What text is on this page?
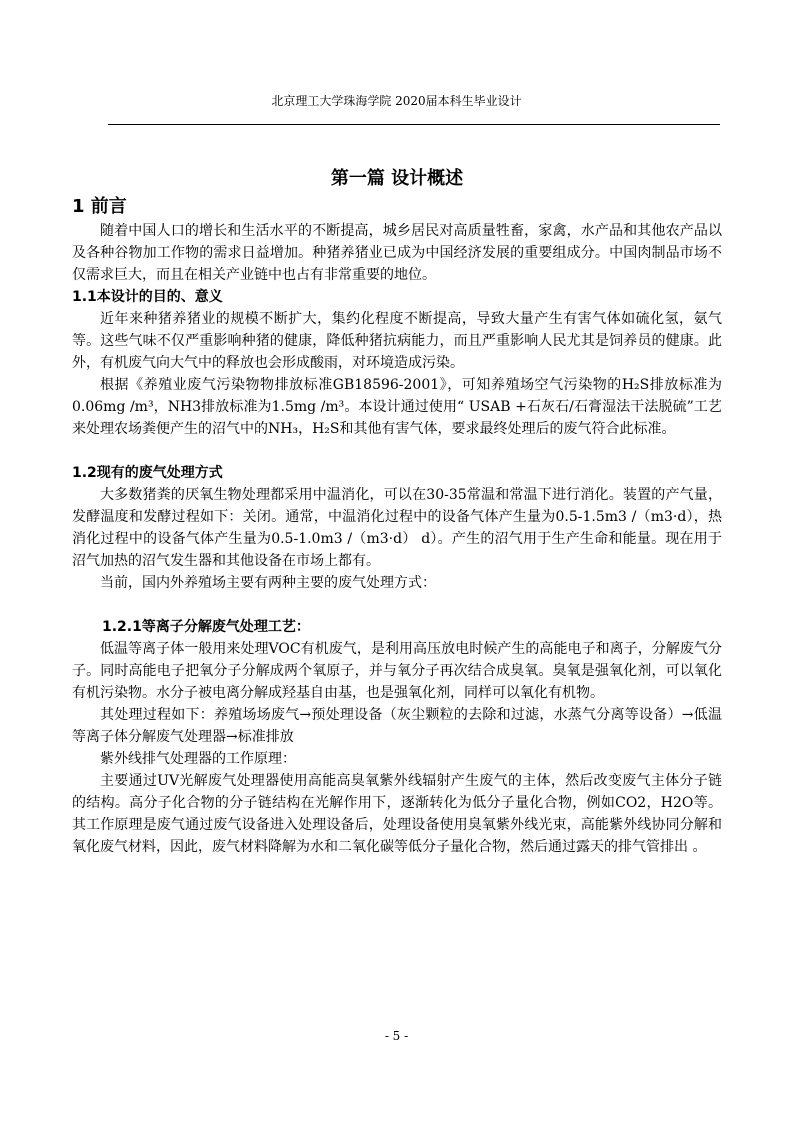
北京理工大学珠海学院 2020届本科生毕业设计
第一篇 设计概述
1 前言

随着中国人口的增长和生活水平的不断提高，城乡居民对高质量牲畜，家禽，水产品和其他农产品以及各种谷物加工作物的需求日益增加。种猪养猪业已成为中国经济发展的重要组成分。中国肉制品市场不仅需求巨大，而且在相关产业链中也占有非常重要的地位。

1.1本设计的目的、意义

近年来种猪养猪业的规模不断扩大，集约化程度不断提高，导致大量产生有害气体如硫化氢，氨气等。这些气味不仅严重影响种猪的健康，降低种猪抗病能力，而且严重影响人民尤其是饲养员的健康。此外，有机废气向大气中的释放也会形成酸雨，对环境造成污染。

根据《养殖业废气污染物物排放标准GB18596-2001》，可知养殖场空气污染物的H₂S排放标准为0.06mg /m³，NH3排放标准为1.5mg /m³。本设计通过使用“ USAB +石灰石/石膏湿法干法脱硫”工艺来处理农场粪便产生的沼气中的NH₃，H₂S和其他有害气体，要求最终处理后的废气符合此标准。

1.2现有的废气处理方式

大多数猪粪的厌氧生物处理都采用中温消化，可以在30-35常温和常温下进行消化。装置的产气量，发酵温度和发酵过程如下：关闭。通常，中温消化过程中的设备气体产生量为0.5-1.5m3 /（m3·d），热消化过程中的设备气体产生量为0.5-1.0m3 /（m3·d） d）。产生的沼气用于生产生命和能量。现在用于沼气加热的沼气发生器和其他设备在市场上都有。

当前，国内外养殖场主要有两种主要的废气处理方式：

1.2.1等离子分解废气处理工艺：

低温等离子体一般用来处理VOC有机废气，是利用高压放电时候产生的高能电子和离子，分解废气分子。同时高能电子把氧分子分解成两个氧原子，并与氧分子再次结合成臭氧。臭氧是强氧化剂，可以氧化有机污染物。水分子被电离分解成羟基自由基，也是强氧化剂，同样可以氧化有机物。

其处理过程如下：养殖场场废气→预处理设备（灰尘颗粒的去除和过滤，水蒸气分离等设备）→低温等离子体分解废气处理器→标准排放

紫外线排气处理器的工作原理：

主要通过UV光解废气处理器使用高能高臭氧紫外线辐射产生废气的主体，然后改变废气主体分子链的结构。高分子化合物的分子链结构在光解作用下，逐渐转化为低分子量化合物，例如CO2，H2O等。其工作原理是废气通过废气设备进入处理设备后，处理设备使用臭氧紫外线光束，高能紫外线协同分解和氧化废气材料，因此，废气材料降解为水和二氧化碳等低分子量化合物，然后通过露天的排气管排出 。

- 5 -
